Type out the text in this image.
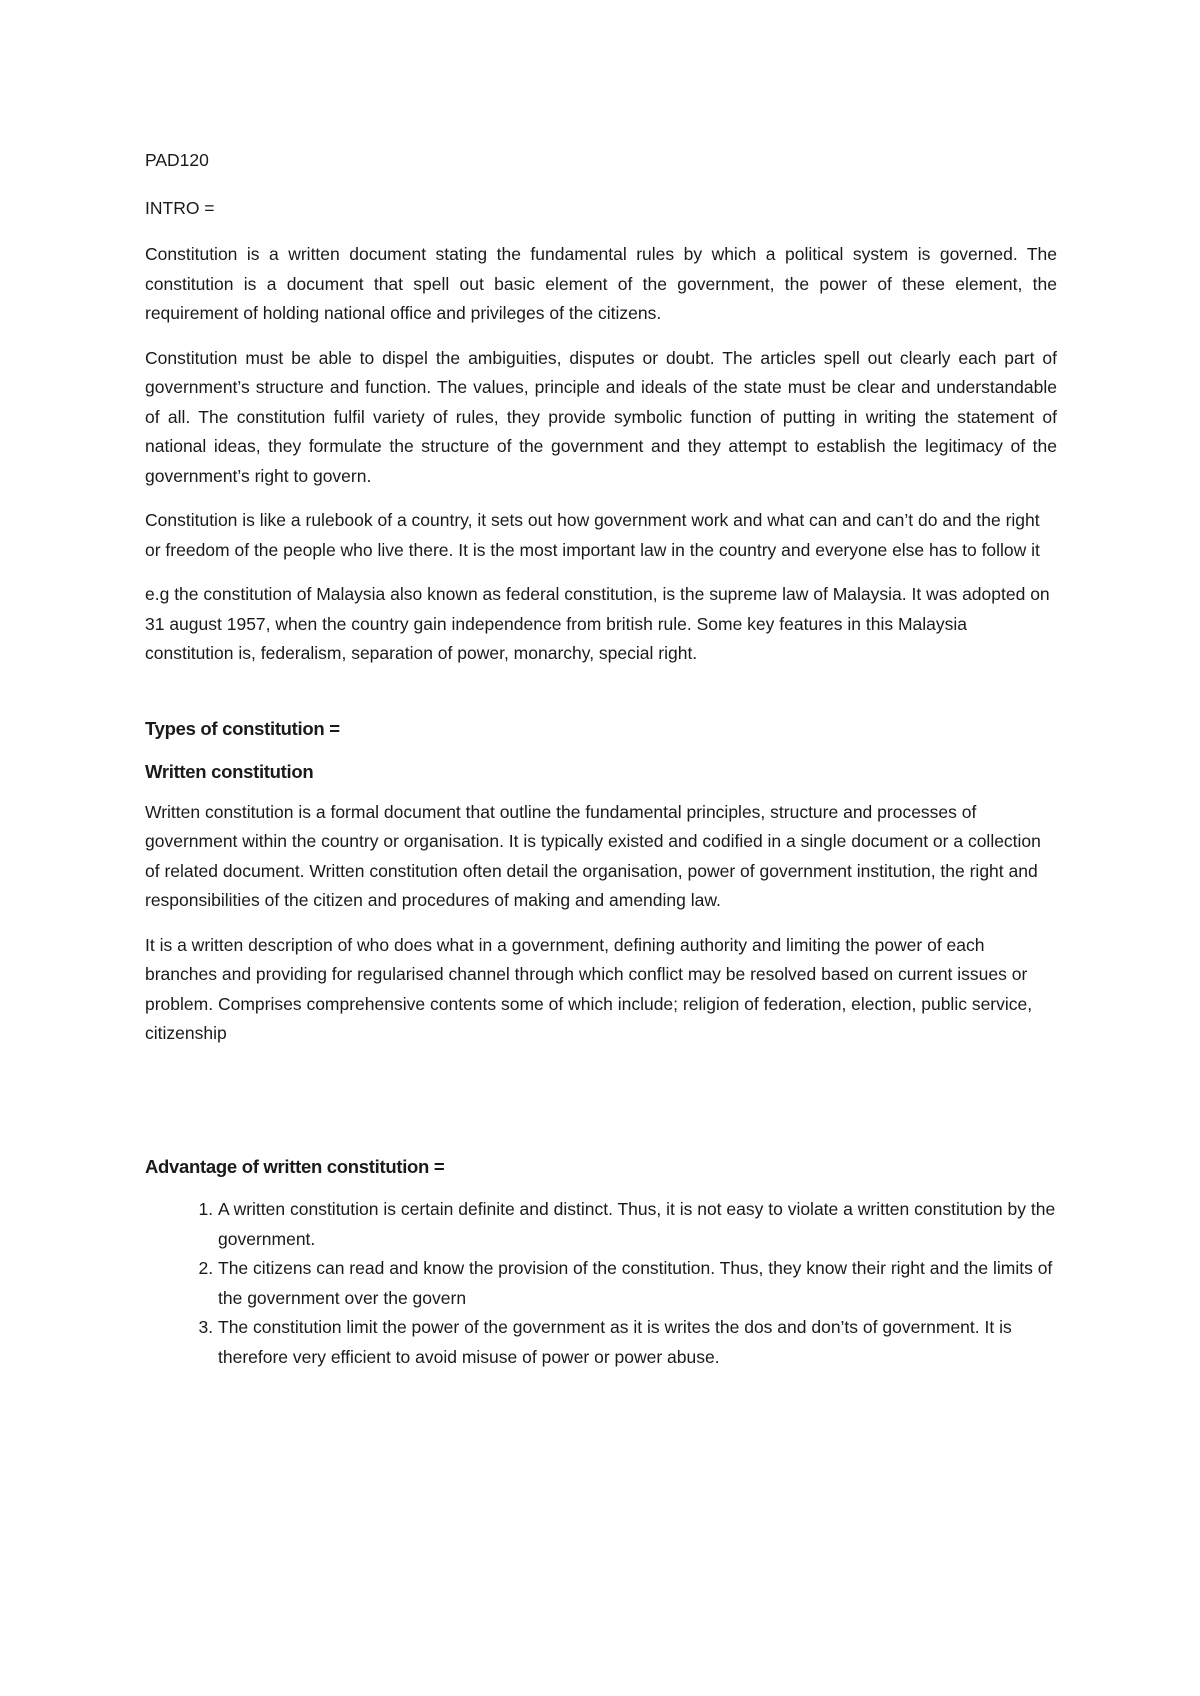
PAD120

INTRO =

Constitution is a written document stating the fundamental rules by which a political system is governed. The constitution is a document that spell out basic element of the government, the power of these element, the requirement of holding national office and privileges of the citizens.

Constitution must be able to dispel the ambiguities, disputes or doubt. The articles spell out clearly each part of government’s structure and function. The values, principle and ideals of the state must be clear and understandable of all. The constitution fulfil variety of rules, they provide symbolic function of putting in writing the statement of national ideas, they formulate the structure of the government and they attempt to establish the legitimacy of the government’s right to govern.

Constitution is like a rulebook of a country, it sets out how government work and what can and can’t do and the right or freedom of the people who live there. It is the most important law in the country and everyone else has to follow it

e.g the constitution of Malaysia also known as federal constitution, is the supreme law of Malaysia. It was adopted on 31 august 1957, when the country gain independence from british rule. Some key features in this Malaysia constitution is, federalism, separation of power, monarchy, special right.

Types of constitution =

Written constitution

Written constitution is a formal document that outline the fundamental principles, structure and processes of government within the country or organisation. It is typically existed and codified in a single document or a collection of related document. Written constitution often detail the organisation, power of government institution, the right and responsibilities of the citizen and procedures of making and amending law.

It is a written description of who does what in a government, defining authority and limiting the power of each branches and providing for regularised channel through which conflict may be resolved based on current issues or problem. Comprises comprehensive contents some of which include; religion of federation, election, public service, citizenship

Advantage of written constitution =

1. A written constitution is certain definite and distinct. Thus, it is not easy to violate a written constitution by the government.
2. The citizens can read and know the provision of the constitution. Thus, they know their right and the limits of the government over the govern
3. The constitution limit the power of the government as it is writes the dos and don’ts of government. It is therefore very efficient to avoid misuse of power or power abuse.
